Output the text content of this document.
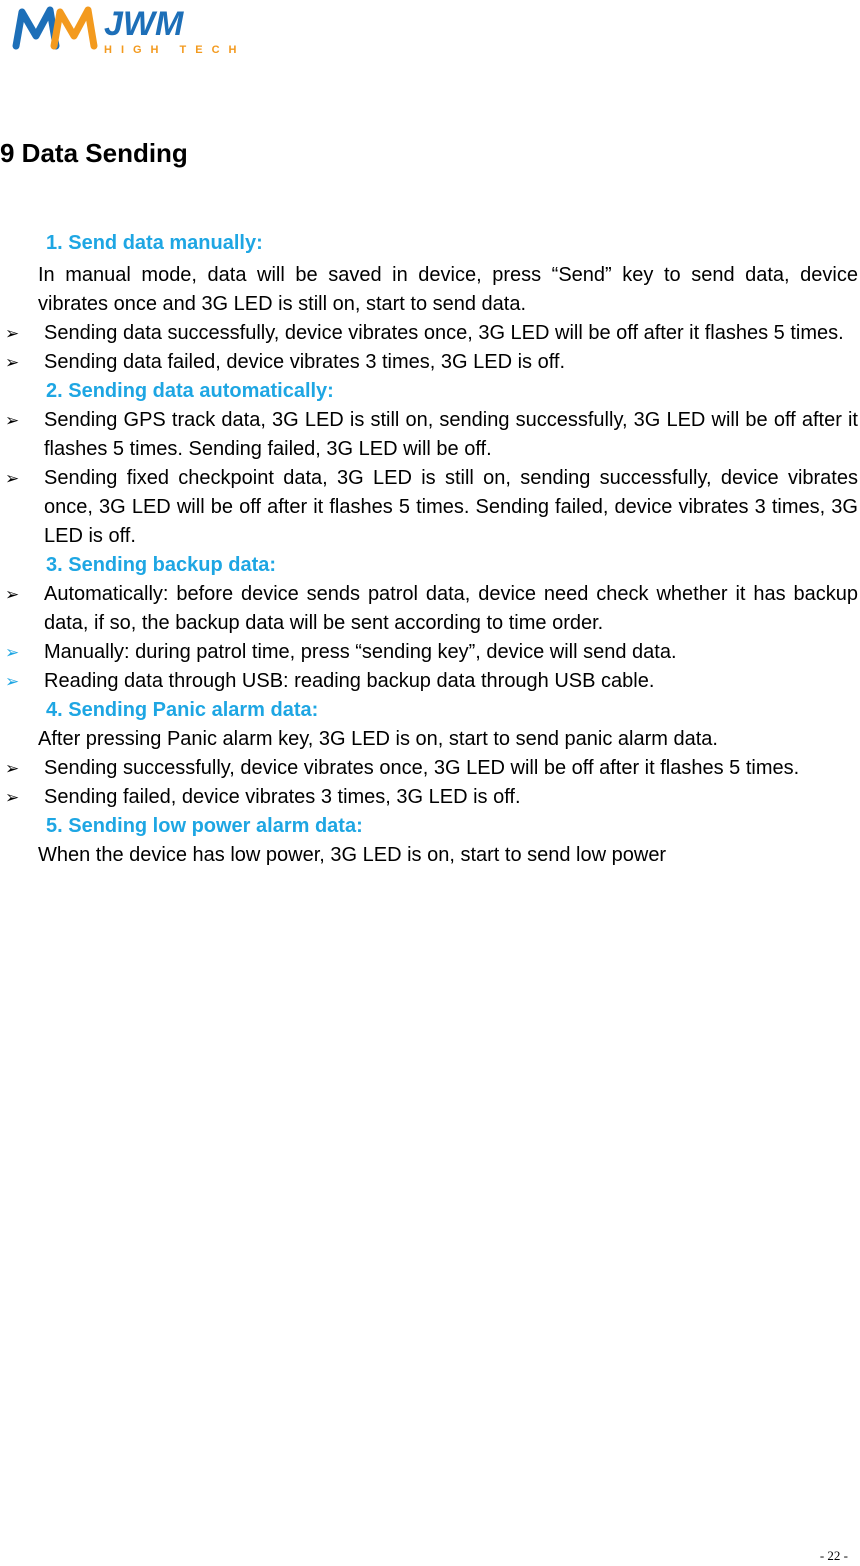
JWM
HIGH TECH
9 Data Sending
1. Send data manually:
In manual mode, data will be saved in device, press “Send” key to send data, device vibrates once and 3G LED is still on, start to send data.
➢ Sending data successfully, device vibrates once, 3G LED will be off after it flashes 5 times.
➢ Sending data failed, device vibrates 3 times, 3G LED is off.
2. Sending data automatically:
➢ Sending GPS track data, 3G LED is still on, sending successfully, 3G LED will be off after it flashes 5 times. Sending failed, 3G LED will be off.
➢ Sending fixed checkpoint data, 3G LED is still on, sending successfully, device vibrates once, 3G LED will be off after it flashes 5 times. Sending failed, device vibrates 3 times, 3G LED is off.
3. Sending backup data:
➢ Automatically: before device sends patrol data, device need check whether it has backup data, if so, the backup data will be sent according to time order.
➢ Manually: during patrol time, press “sending key”, device will send data.
➢ Reading data through USB: reading backup data through USB cable.
4. Sending Panic alarm data:
After pressing Panic alarm key, 3G LED is on, start to send panic alarm data.
➢ Sending successfully, device vibrates once, 3G LED will be off after it flashes 5 times.
➢ Sending failed, device vibrates 3 times, 3G LED is off.
5. Sending low power alarm data:
When the device has low power, 3G LED is on, start to send low power
- 22 -
